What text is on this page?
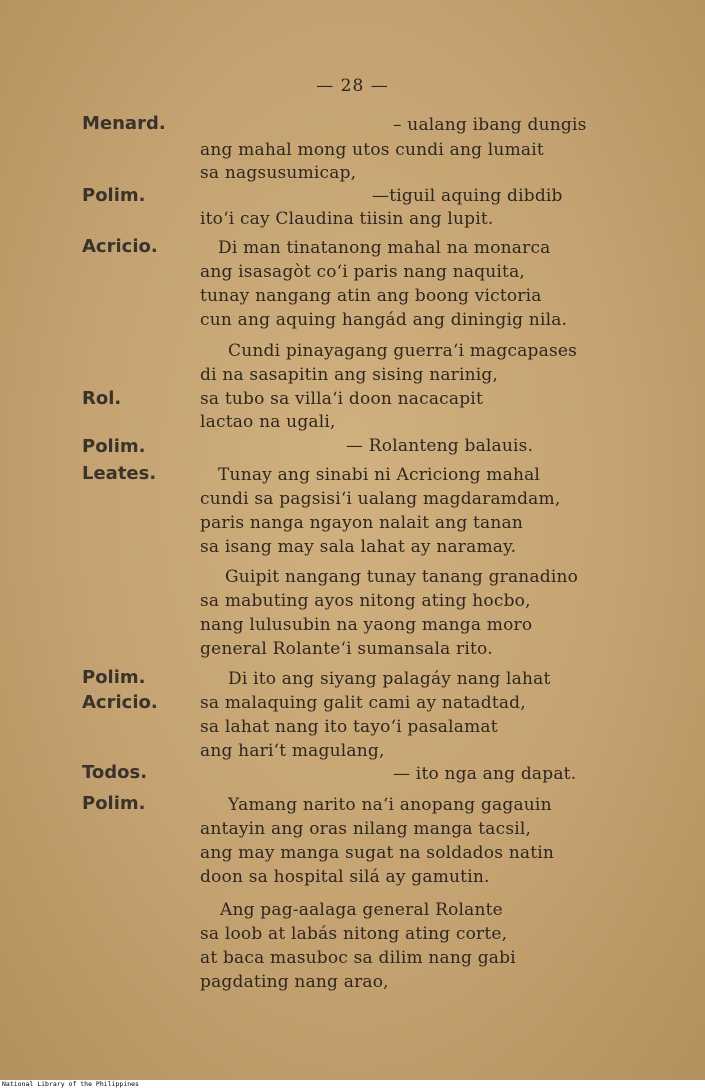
— 28 —
Menard.
Polim.
Acricio.
Rol.
Polim.
Leates.
Polim.
Acricio.
Todos.
Polim.
– ualang ibang dungis
ang mahal mong utos cundi ang lumait
sa nagsusumicap,
—tiguil aquing dibdib
ito‘i cay Claudina tiisin ang lupit.
Di man tinatanong mahal na monarca
ang isasagòt co‘i paris nang naquita,
tunay nangang atin ang boong victoria
cun ang aquing hangád ang diningig nila.
Cundi pinayagang guerra‘i magcapases
di na sasapitin ang sising narinig,
sa tubo sa villa‘i doon nacacapit
lactao na ugali,
— Rolanteng balauis.
Tunay ang sinabi ni Acriciong mahal
cundi sa pagsisi‘i ualang magdaramdam,
paris nanga ngayon nalait ang tanan
sa isang may sala lahat ay naramay.
Guipit nangang tunay tanang granadino
sa mabuting ayos nitong ating hocbo,
nang lulusubin na yaong manga moro
general Rolante‘i sumansala rito.
Di ito ang siyang palagáy nang lahat
sa malaquing galit cami ay natadtad,
sa lahat nang ito tayo‘i pasalamat
ang hari‘t magulang,
— ito nga ang dapat.
Yamang narito na‘i anopang gagauin
antayin ang oras nilang manga tacsil,
ang may manga sugat na soldados natin
doon sa hospital silá ay gamutin.
Ang pag-aalaga general Rolante
sa loob at labás nitong ating corte,
at baca masuboc sa dilim nang gabi
pagdating nang arao,
National Library of the Philippines
